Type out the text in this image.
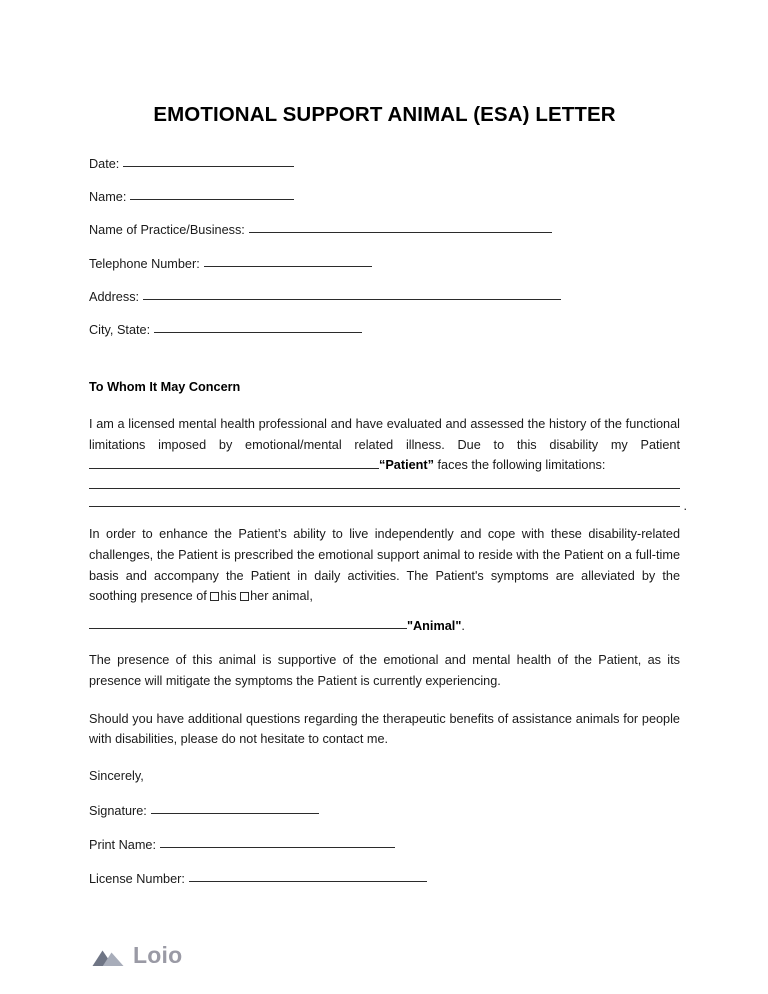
EMOTIONAL SUPPORT ANIMAL (ESA) LETTER
Date:
Name:
Name of Practice/Business:
Telephone Number:
Address:
City, State:
To Whom It May Concern

I am a licensed mental health professional and have evaluated and assessed the history of the functional limitations imposed by emotional/mental related illness. Due to this disability my Patient“Patient” faces the following limitations:

.

In order to enhance the Patient’s ability to live independently and cope with these disability-related challenges, the Patient is prescribed the emotional support animal to reside with the Patient on a full-time basis and accompany the Patient in daily activities. The Patient's symptoms are alleviated by the soothing presence of his her animal,

"Animal" .

The presence of this animal is supportive of the emotional and mental health of the Patient, as its presence will mitigate the symptoms the Patient is currently experiencing.

Should you have additional questions regarding the therapeutic benefits of assistance animals for people with disabilities, please do not hesitate to contact me.

Sincerely,
Signature:
Print Name:
License Number:
Loio
